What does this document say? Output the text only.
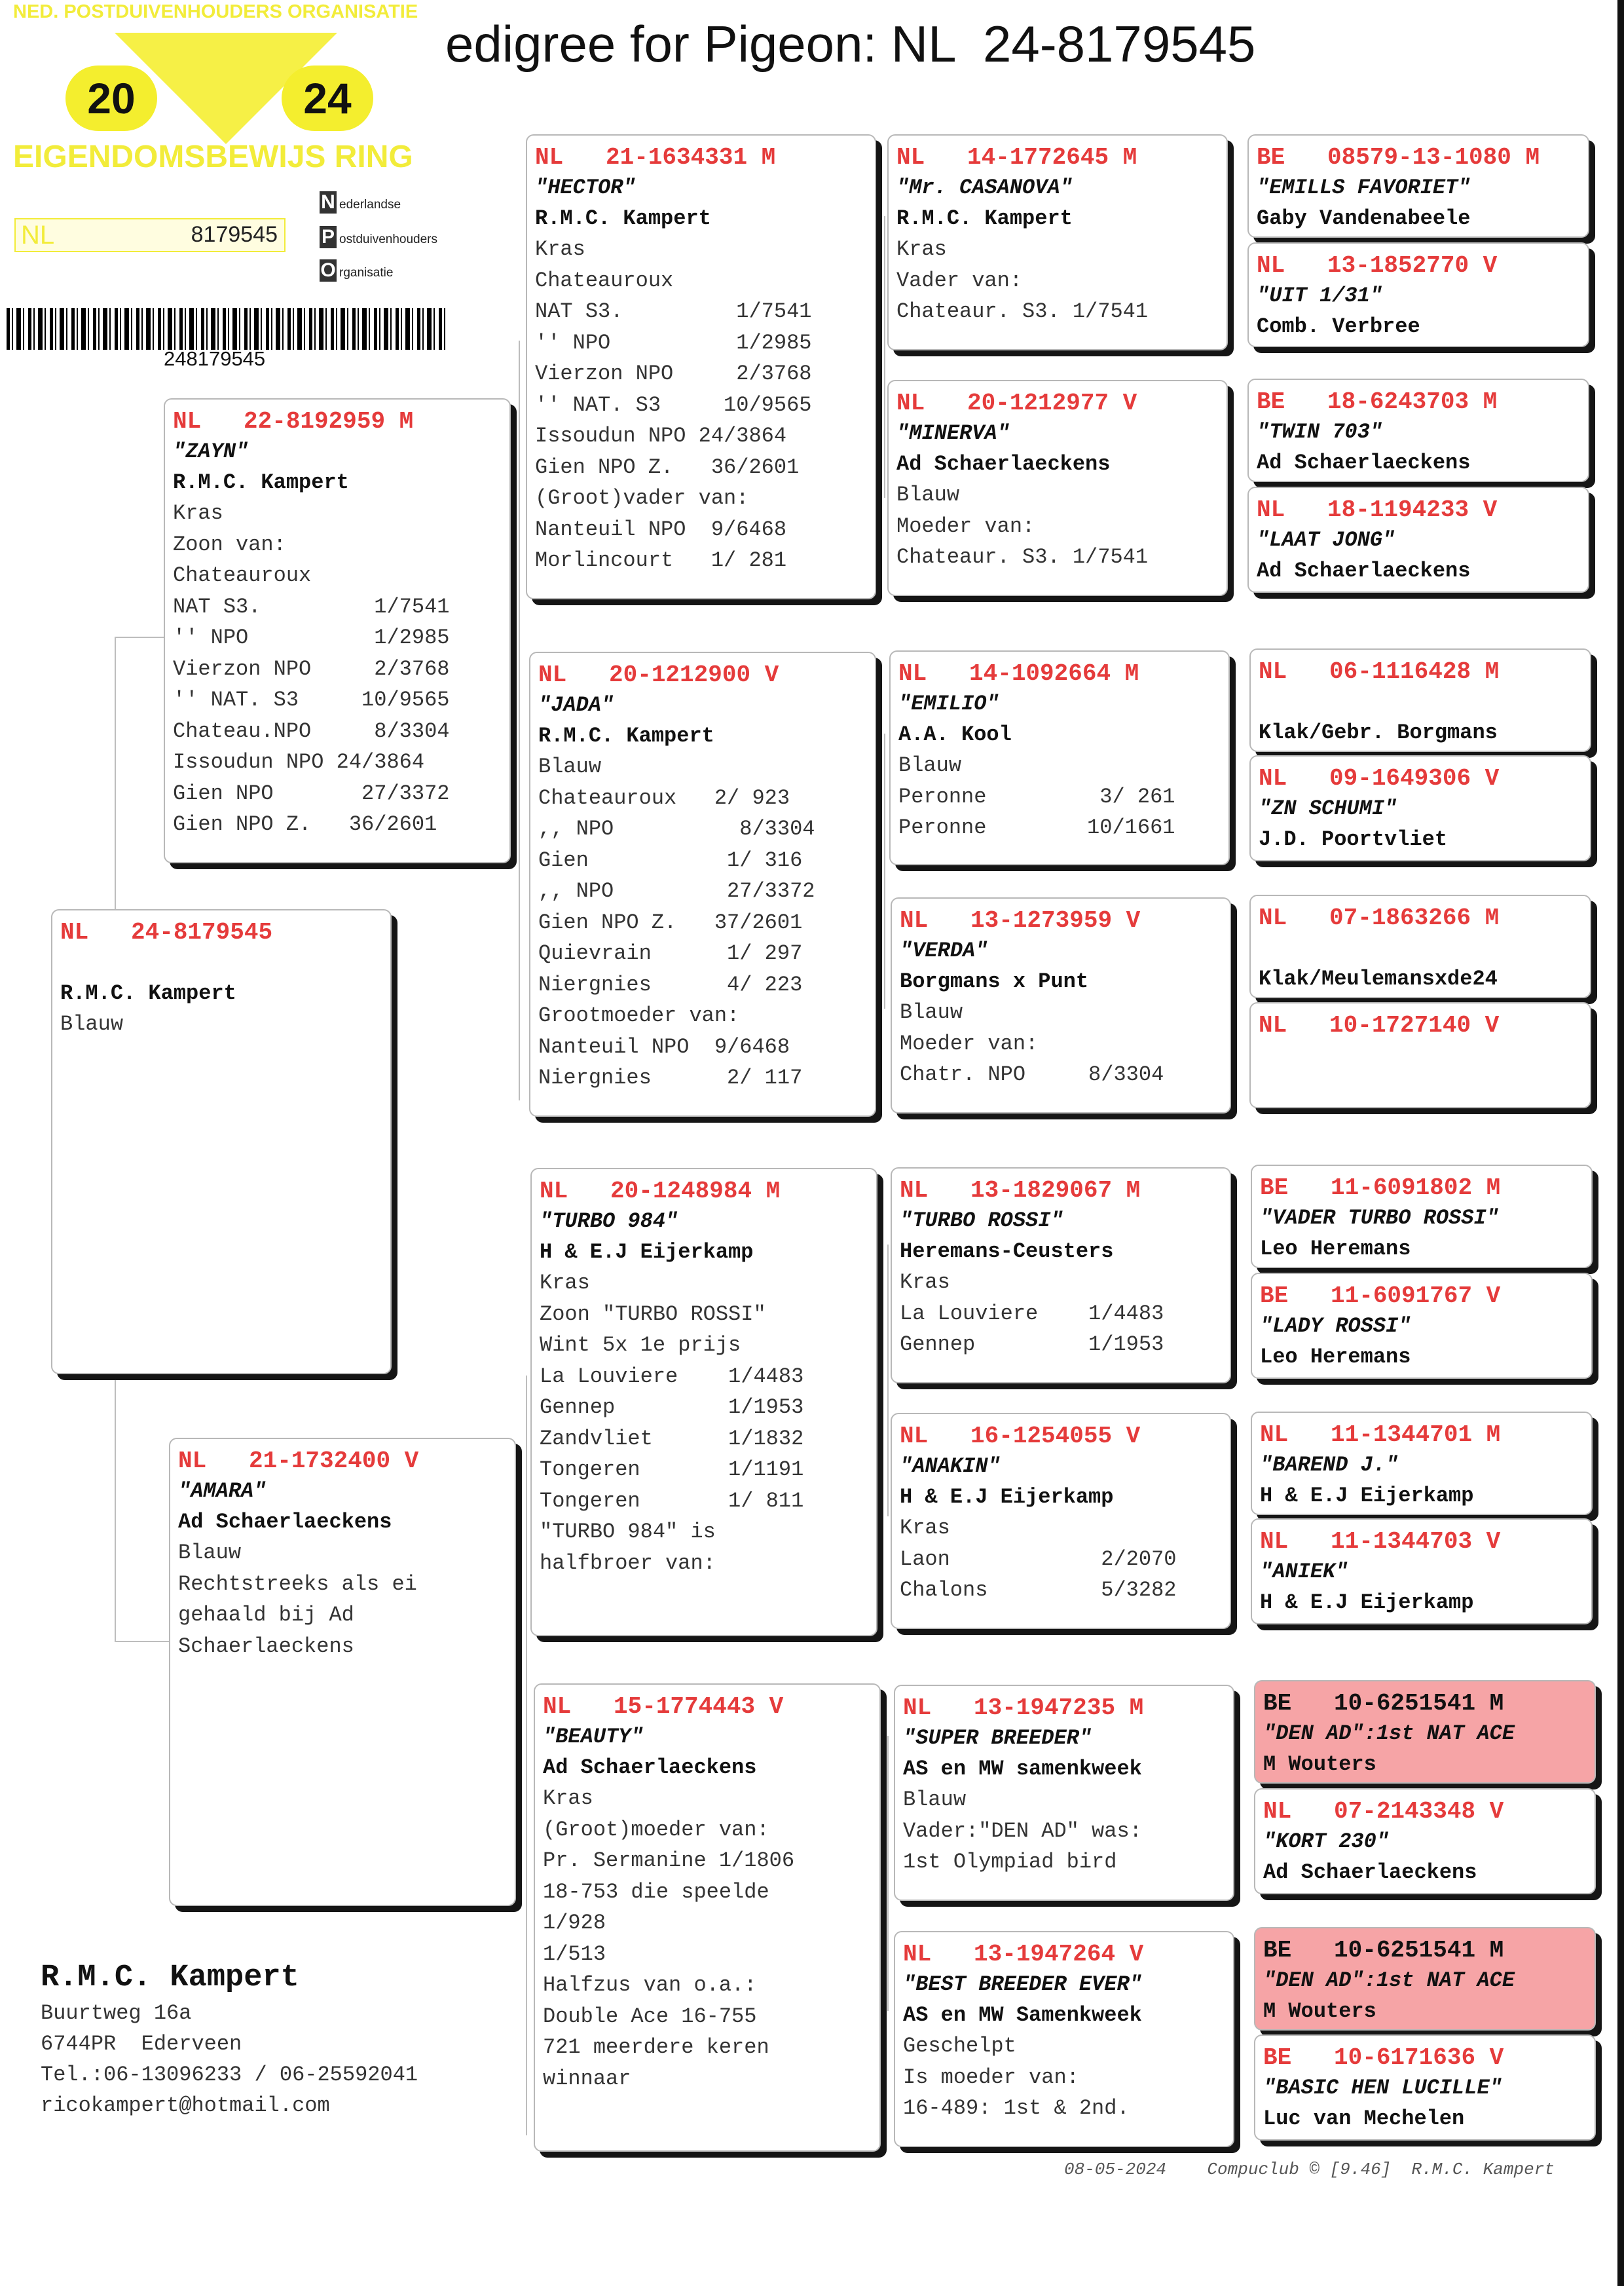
edigree for Pigeon: NL  24-8179545
NED. POSTDUIVENHOUDERS ORGANISATIE
20	24
EIGENDOMSBEWIJS RING
NL	8179545
N ederlandse
P ostduivenhouders
O rganisatie
248179545
NL   24-8179545
R.M.C. Kampert
Blauw
NL   22-8192959 M
"ZAYN"
R.M.C. Kampert
Kras
Zoon van:
Chateauroux
NAT S3.         1/7541
'' NPO          1/2985
Vierzon NPO     2/3768
'' NAT. S3     10/9565
Chateau.NPO     8/3304
Issoudun NPO 24/3864
Gien NPO       27/3372
Gien NPO Z.   36/2601
NL   21-1732400 V
"AMARA"
Ad Schaerlaeckens
Blauw
Rechtstreeks als ei
gehaald bij Ad
Schaerlaeckens
NL   21-1634331 M
"HECTOR"
R.M.C. Kampert
Kras
Chateauroux
NAT S3.         1/7541
'' NPO          1/2985
Vierzon NPO     2/3768
'' NAT. S3     10/9565
Issoudun NPO 24/3864
Gien NPO Z.   36/2601
(Groot)vader van:
Nanteuil NPO  9/6468
Morlincourt   1/ 281
NL   20-1212900 V
"JADA"
R.M.C. Kampert
Blauw
Chateauroux   2/ 923
,, NPO          8/3304
Gien           1/ 316
,, NPO         27/3372
Gien NPO Z.   37/2601
Quievrain      1/ 297
Niergnies      4/ 223
Grootmoeder van:
Nanteuil NPO  9/6468
Niergnies      2/ 117
NL   20-1248984 M
"TURBO 984"
H & E.J Eijerkamp
Kras
Zoon "TURBO ROSSI"
Wint 5x 1e prijs
La Louviere    1/4483
Gennep         1/1953
Zandvliet      1/1832
Tongeren       1/1191
Tongeren       1/ 811
"TURBO 984" is
halfbroer van:
NL   15-1774443 V
"BEAUTY"
Ad Schaerlaeckens
Kras
(Groot)moeder van:
Pr. Sermanine 1/1806
18-753 die speelde
1/928
1/513
Halfzus van o.a.:
Double Ace 16-755
721 meerdere keren
winnaar
NL   14-1772645 M
"Mr. CASANOVA"
R.M.C. Kampert
Kras
Vader van:
Chateaur. S3. 1/7541
NL   20-1212977 V
"MINERVA"
Ad Schaerlaeckens
Blauw
Moeder van:
Chateaur. S3. 1/7541
NL   14-1092664 M
"EMILIO"
A.A. Kool
Blauw
Peronne         3/ 261
Peronne        10/1661
NL   13-1273959 V
"VERDA"
Borgmans x Punt
Blauw
Moeder van:
Chatr. NPO     8/3304
NL   13-1829067 M
"TURBO ROSSI"
Heremans-Ceusters
Kras
La Louviere    1/4483
Gennep         1/1953
NL   16-1254055 V
"ANAKIN"
H & E.J Eijerkamp
Kras
Laon            2/2070
Chalons         5/3282
NL   13-1947235 M
"SUPER BREEDER"
AS en MW samenkweek
Blauw
Vader:"DEN AD" was:
1st Olympiad bird
NL   13-1947264 V
"BEST BREEDER EVER"
AS en MW Samenkweek
Geschelpt
Is moeder van:
16-489: 1st & 2nd.
BE   08579-13-1080 M
"EMILLS FAVORIET"
Gaby Vandenabeele
NL   13-1852770 V
"UIT 1/31"
Comb. Verbree
BE   18-6243703 M
"TWIN 703"
Ad Schaerlaeckens
NL   18-1194233 V
"LAAT JONG"
Ad Schaerlaeckens
NL   06-1116428 M
Klak/Gebr. Borgmans
NL   09-1649306 V
"ZN SCHUMI"
J.D. Poortvliet
NL   07-1863266 M
Klak/Meulemansxde24
NL   10-1727140 V
BE   11-6091802 M
"VADER TURBO ROSSI"
Leo Heremans
BE   11-6091767 V
"LADY ROSSI"
Leo Heremans
NL   11-1344701 M
"BAREND J."
H & E.J Eijerkamp
NL   11-1344703 V
"ANIEK"
H & E.J Eijerkamp
BE   10-6251541 M
"DEN AD":1st NAT ACE
M Wouters
NL   07-2143348 V
"KORT 230"
Ad Schaerlaeckens
BE   10-6251541 M
"DEN AD":1st NAT ACE
M Wouters
BE   10-6171636 V
"BASIC HEN LUCILLE"
Luc van Mechelen
R.M.C. Kampert
Buurtweg 16a
6744PR  Ederveen
Tel.:06-13096233 / 06-25592041
ricokampert@hotmail.com
08-05-2024    Compuclub © [9.46]  R.M.C. Kampert
